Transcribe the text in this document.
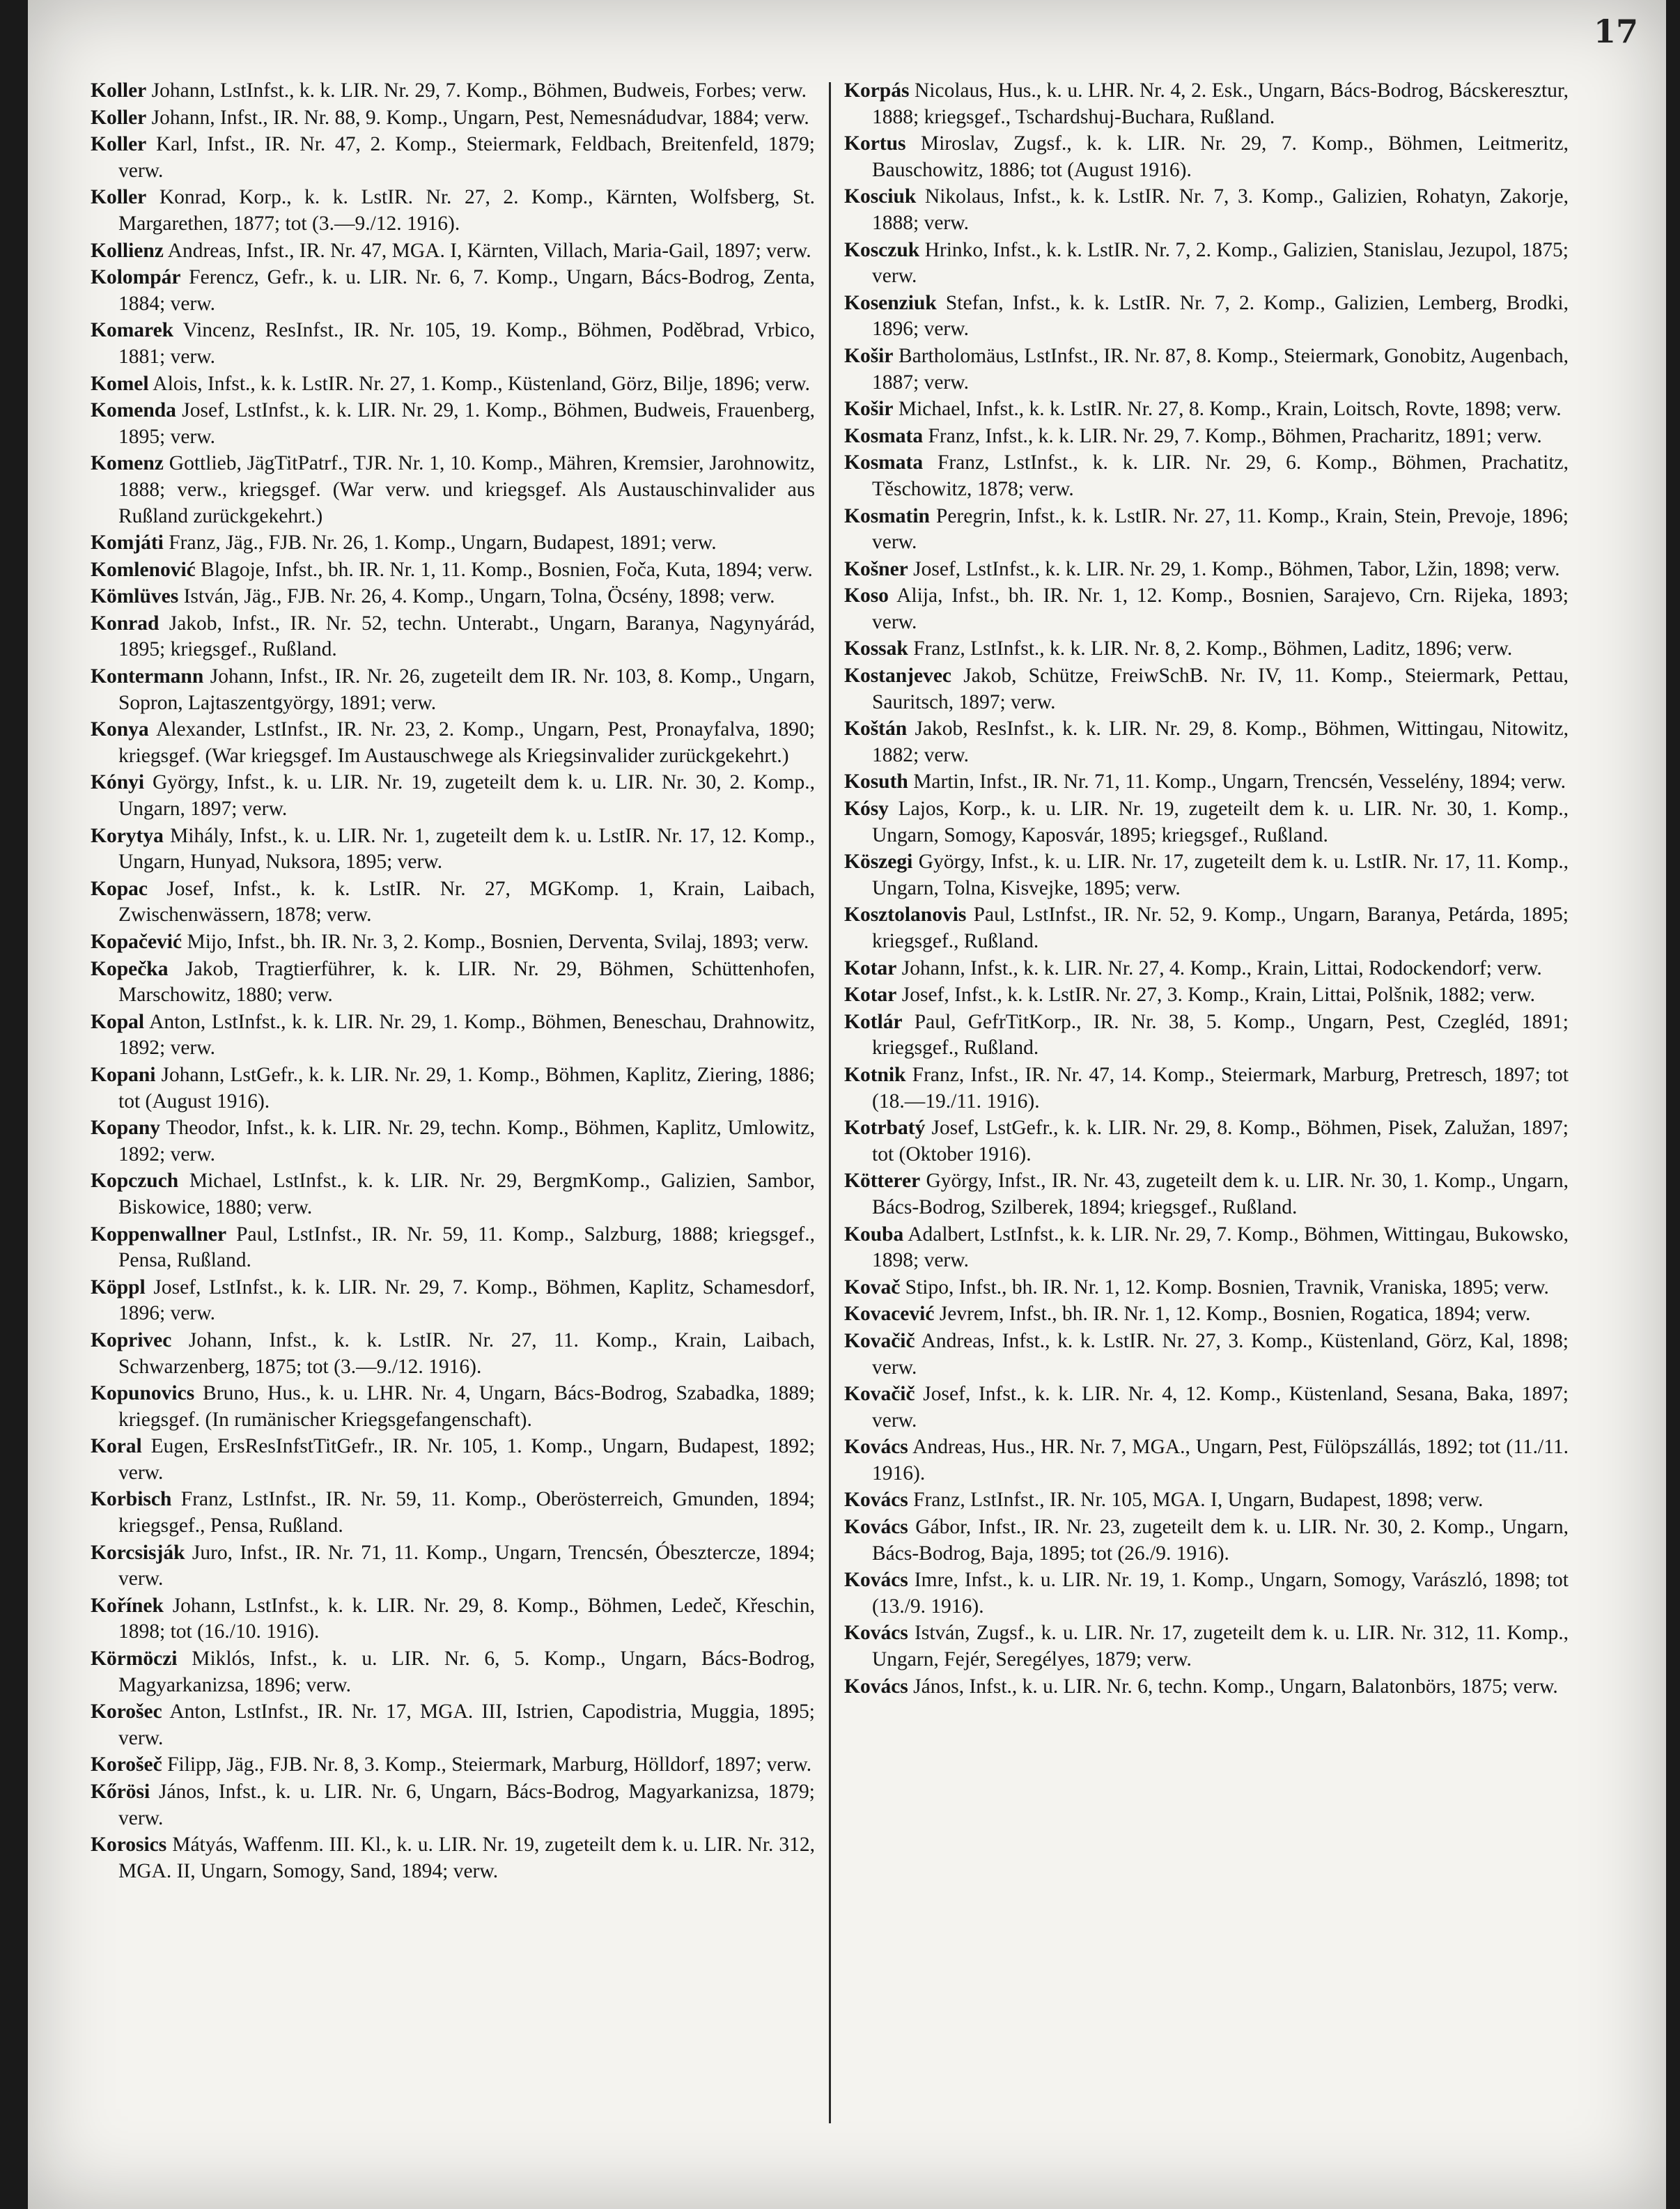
17

Koller Johann, LstInfst., k. k. LIR. Nr. 29, 7. Komp., Böhmen, Budweis, Forbes; verw.

Koller Johann, Infst., IR. Nr. 88, 9. Komp., Ungarn, Pest, Nemesnádudvar, 1884; verw.

Koller Karl, Infst., IR. Nr. 47, 2. Komp., Steiermark, Feldbach, Breitenfeld, 1879; verw.

Koller Konrad, Korp., k. k. LstIR. Nr. 27, 2. Komp., Kärnten, Wolfsberg, St. Margarethen, 1877; tot (3.—9./12. 1916).

Kollienz Andreas, Infst., IR. Nr. 47, MGA. I, Kärnten, Villach, Maria-Gail, 1897; verw.

Kolompár Ferencz, Gefr., k. u. LIR. Nr. 6, 7. Komp., Ungarn, Bács-Bodrog, Zenta, 1884; verw.

Komarek Vincenz, ResInfst., IR. Nr. 105, 19. Komp., Böhmen, Poděbrad, Vrbico, 1881; verw.

Komel Alois, Infst., k. k. LstIR. Nr. 27, 1. Komp., Küstenland, Görz, Bilje, 1896; verw.

Komenda Josef, LstInfst., k. k. LIR. Nr. 29, 1. Komp., Böhmen, Budweis, Frauenberg, 1895; verw.

Komenz Gottlieb, JägTitPatrf., TJR. Nr. 1, 10. Komp., Mähren, Kremsier, Jarohnowitz, 1888; verw., kriegsgef. (War verw. und kriegsgef. Als Austauschinvalider aus Rußland zurückgekehrt.)

Komjáti Franz, Jäg., FJB. Nr. 26, 1. Komp., Ungarn, Budapest, 1891; verw.

Komlenović Blagoje, Infst., bh. IR. Nr. 1, 11. Komp., Bosnien, Foča, Kuta, 1894; verw.

Kömlüves István, Jäg., FJB. Nr. 26, 4. Komp., Ungarn, Tolna, Öcsény, 1898; verw.

Konrad Jakob, Infst., IR. Nr. 52, techn. Unterabt., Ungarn, Baranya, Nagynyárád, 1895; kriegsgef., Rußland.

Kontermann Johann, Infst., IR. Nr. 26, zugeteilt dem IR. Nr. 103, 8. Komp., Ungarn, Sopron, Lajtaszentgyörgy, 1891; verw.

Konya Alexander, LstInfst., IR. Nr. 23, 2. Komp., Ungarn, Pest, Pronayfalva, 1890; kriegsgef. (War kriegsgef. Im Austauschwege als Kriegsinvalider zurückgekehrt.)

Kónyi György, Infst., k. u. LIR. Nr. 19, zugeteilt dem k. u. LIR. Nr. 30, 2. Komp., Ungarn, 1897; verw.

Korytya Mihály, Infst., k. u. LIR. Nr. 1, zugeteilt dem k. u. LstIR. Nr. 17, 12. Komp., Ungarn, Hunyad, Nuksora, 1895; verw.

Kopac Josef, Infst., k. k. LstIR. Nr. 27, MGKomp. 1, Krain, Laibach, Zwischenwässern, 1878; verw.

Kopačević Mijo, Infst., bh. IR. Nr. 3, 2. Komp., Bosnien, Derventa, Svilaj, 1893; verw.

Kopečka Jakob, Tragtierführer, k. k. LIR. Nr. 29, Böhmen, Schüttenhofen, Marschowitz, 1880; verw.

Kopal Anton, LstInfst., k. k. LIR. Nr. 29, 1. Komp., Böhmen, Beneschau, Drahnowitz, 1892; verw.

Kopani Johann, LstGefr., k. k. LIR. Nr. 29, 1. Komp., Böhmen, Kaplitz, Ziering, 1886; tot (August 1916).

Kopany Theodor, Infst., k. k. LIR. Nr. 29, techn. Komp., Böhmen, Kaplitz, Umlowitz, 1892; verw.

Kopczuch Michael, LstInfst., k. k. LIR. Nr. 29, BergmKomp., Galizien, Sambor, Biskowice, 1880; verw.

Koppenwallner Paul, LstInfst., IR. Nr. 59, 11. Komp., Salzburg, 1888; kriegsgef., Pensa, Rußland.

Köppl Josef, LstInfst., k. k. LIR. Nr. 29, 7. Komp., Böhmen, Kaplitz, Schamesdorf, 1896; verw.

Koprivec Johann, Infst., k. k. LstIR. Nr. 27, 11. Komp., Krain, Laibach, Schwarzenberg, 1875; tot (3.—9./12. 1916).

Kopunovics Bruno, Hus., k. u. LHR. Nr. 4, Ungarn, Bács-Bodrog, Szabadka, 1889; kriegsgef. (In rumänischer Kriegsgefangenschaft).

Koral Eugen, ErsResInfstTitGefr., IR. Nr. 105, 1. Komp., Ungarn, Budapest, 1892; verw.

Korbisch Franz, LstInfst., IR. Nr. 59, 11. Komp., Oberösterreich, Gmunden, 1894; kriegsgef., Pensa, Rußland.

Korcsisják Juro, Infst., IR. Nr. 71, 11. Komp., Ungarn, Trencsén, Óbesztercze, 1894; verw.

Kořínek Johann, LstInfst., k. k. LIR. Nr. 29, 8. Komp., Böhmen, Ledeč, Křeschin, 1898; tot (16./10. 1916).

Körmöczi Miklós, Infst., k. u. LIR. Nr. 6, 5. Komp., Ungarn, Bács-Bodrog, Magyarkanizsa, 1896; verw.

Korošec Anton, LstInfst., IR. Nr. 17, MGA. III, Istrien, Capodistria, Muggia, 1895; verw.

Korošeč Filipp, Jäg., FJB. Nr. 8, 3. Komp., Steiermark, Marburg, Hölldorf, 1897; verw.

Kőrösi János, Infst., k. u. LIR. Nr. 6, Ungarn, Bács-Bodrog, Magyarkanizsa, 1879; verw.

Korosics Mátyás, Waffenm. III. Kl., k. u. LIR. Nr. 19, zugeteilt dem k. u. LIR. Nr. 312, MGA. II, Ungarn, Somogy, Sand, 1894; verw.

Korpás Nicolaus, Hus., k. u. LHR. Nr. 4, 2. Esk., Ungarn, Bács-Bodrog, Bácskeresztur, 1888; kriegsgef., Tschardshuj-Buchara, Rußland.

Kortus Miroslav, Zugsf., k. k. LIR. Nr. 29, 7. Komp., Böhmen, Leitmeritz, Bauschowitz, 1886; tot (August 1916).

Kosciuk Nikolaus, Infst., k. k. LstIR. Nr. 7, 3. Komp., Galizien, Rohatyn, Zakorje, 1888; verw.

Kosczuk Hrinko, Infst., k. k. LstIR. Nr. 7, 2. Komp., Galizien, Stanislau, Jezupol, 1875; verw.

Kosenziuk Stefan, Infst., k. k. LstIR. Nr. 7, 2. Komp., Galizien, Lemberg, Brodki, 1896; verw.

Košir Bartholomäus, LstInfst., IR. Nr. 87, 8. Komp., Steiermark, Gonobitz, Augenbach, 1887; verw.

Košir Michael, Infst., k. k. LstIR. Nr. 27, 8. Komp., Krain, Loitsch, Rovte, 1898; verw.

Kosmata Franz, Infst., k. k. LIR. Nr. 29, 7. Komp., Böhmen, Pracharitz, 1891; verw.

Kosmata Franz, LstInfst., k. k. LIR. Nr. 29, 6. Komp., Böhmen, Prachatitz, Těschowitz, 1878; verw.

Kosmatin Peregrin, Infst., k. k. LstIR. Nr. 27, 11. Komp., Krain, Stein, Prevoje, 1896; verw.

Košner Josef, LstInfst., k. k. LIR. Nr. 29, 1. Komp., Böhmen, Tabor, Lžin, 1898; verw.

Koso Alija, Infst., bh. IR. Nr. 1, 12. Komp., Bosnien, Sarajevo, Crn. Rijeka, 1893; verw.

Kossak Franz, LstInfst., k. k. LIR. Nr. 8, 2. Komp., Böhmen, Laditz, 1896; verw.

Kostanjevec Jakob, Schütze, FreiwSchB. Nr. IV, 11. Komp., Steiermark, Pettau, Sauritsch, 1897; verw.

Koštán Jakob, ResInfst., k. k. LIR. Nr. 29, 8. Komp., Böhmen, Wittingau, Nitowitz, 1882; verw.

Kosuth Martin, Infst., IR. Nr. 71, 11. Komp., Ungarn, Trencsén, Vesselény, 1894; verw.

Kósy Lajos, Korp., k. u. LIR. Nr. 19, zugeteilt dem k. u. LIR. Nr. 30, 1. Komp., Ungarn, Somogy, Kaposvár, 1895; kriegsgef., Rußland.

Köszegi György, Infst., k. u. LIR. Nr. 17, zugeteilt dem k. u. LstIR. Nr. 17, 11. Komp., Ungarn, Tolna, Kisvejke, 1895; verw.

Kosztolanovis Paul, LstInfst., IR. Nr. 52, 9. Komp., Ungarn, Baranya, Petárda, 1895; kriegsgef., Rußland.

Kotar Johann, Infst., k. k. LIR. Nr. 27, 4. Komp., Krain, Littai, Rodockendorf; verw.

Kotar Josef, Infst., k. k. LstIR. Nr. 27, 3. Komp., Krain, Littai, Polšnik, 1882; verw.

Kotlár Paul, GefrTitKorp., IR. Nr. 38, 5. Komp., Ungarn, Pest, Czegléd, 1891; kriegsgef., Rußland.

Kotnik Franz, Infst., IR. Nr. 47, 14. Komp., Steiermark, Marburg, Pretresch, 1897; tot (18.—19./11. 1916).

Kotrbatý Josef, LstGefr., k. k. LIR. Nr. 29, 8. Komp., Böhmen, Pisek, Zalužan, 1897; tot (Oktober 1916).

Kötterer György, Infst., IR. Nr. 43, zugeteilt dem k. u. LIR. Nr. 30, 1. Komp., Ungarn, Bács-Bodrog, Szilberek, 1894; kriegsgef., Rußland.

Kouba Adalbert, LstInfst., k. k. LIR. Nr. 29, 7. Komp., Böhmen, Wittingau, Bukowsko, 1898; verw.

Kovač Stipo, Infst., bh. IR. Nr. 1, 12. Komp. Bosnien, Travnik, Vraniska, 1895; verw.

Kovacević Jevrem, Infst., bh. IR. Nr. 1, 12. Komp., Bosnien, Rogatica, 1894; verw.

Kovačič Andreas, Infst., k. k. LstIR. Nr. 27, 3. Komp., Küstenland, Görz, Kal, 1898; verw.

Kovačič Josef, Infst., k. k. LIR. Nr. 4, 12. Komp., Küstenland, Sesana, Baka, 1897; verw.

Kovács Andreas, Hus., HR. Nr. 7, MGA., Ungarn, Pest, Fülöpszállás, 1892; tot (11./11. 1916).

Kovács Franz, LstInfst., IR. Nr. 105, MGA. I, Ungarn, Budapest, 1898; verw.

Kovács Gábor, Infst., IR. Nr. 23, zugeteilt dem k. u. LIR. Nr. 30, 2. Komp., Ungarn, Bács-Bodrog, Baja, 1895; tot (26./9. 1916).

Kovács Imre, Infst., k. u. LIR. Nr. 19, 1. Komp., Ungarn, Somogy, Varászló, 1898; tot (13./9. 1916).

Kovács István, Zugsf., k. u. LIR. Nr. 17, zugeteilt dem k. u. LIR. Nr. 312, 11. Komp., Ungarn, Fejér, Seregélyes, 1879; verw.

Kovács János, Infst., k. u. LIR. Nr. 6, techn. Komp., Ungarn, Balatonbörs, 1875; verw.
